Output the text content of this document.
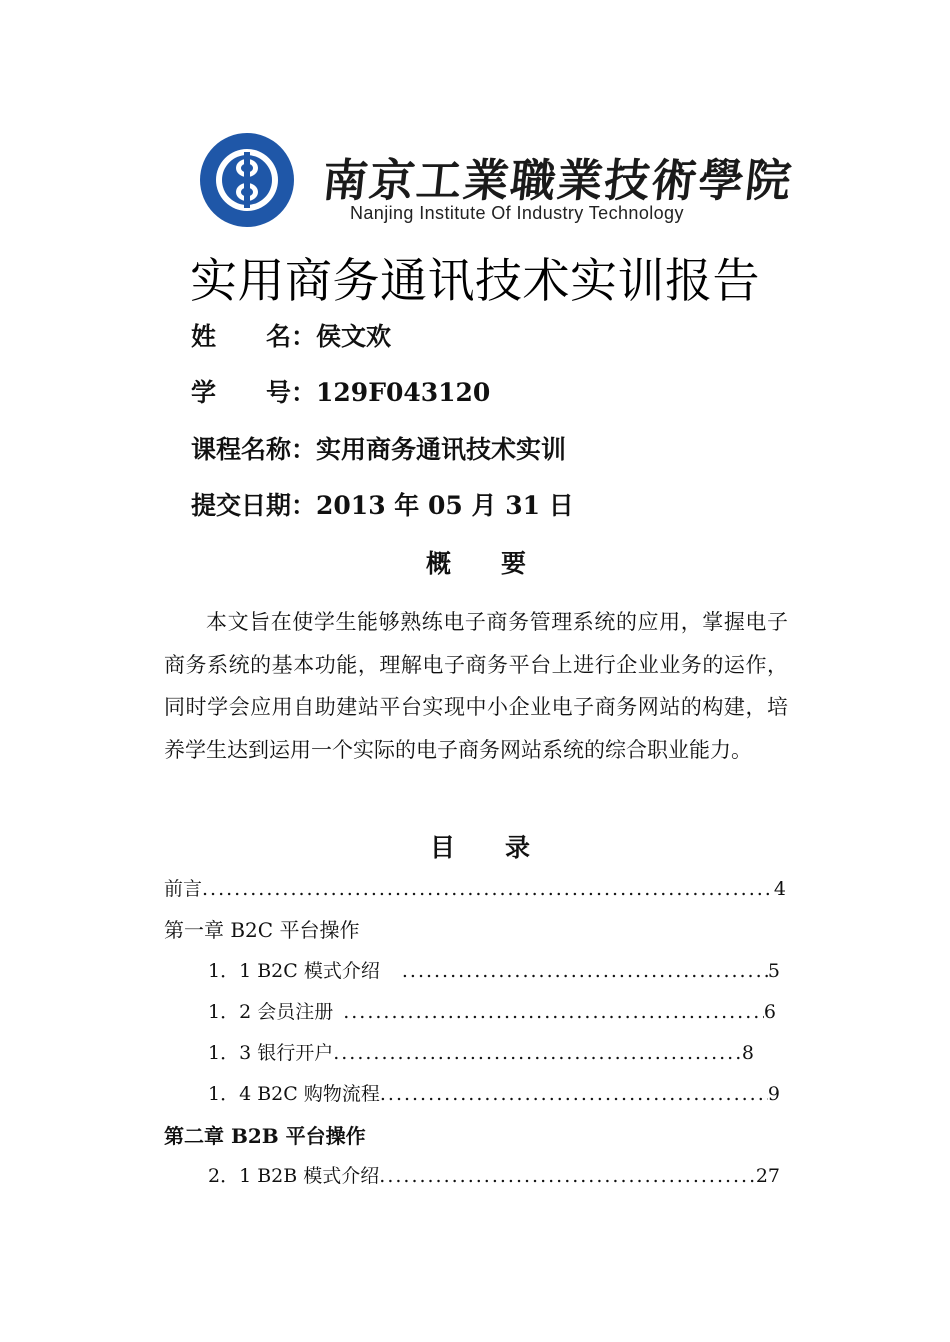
南京工業職業技術學院
Nanjing Institute Of Industry Technology
实用商务通讯技术实训报告
姓　　名：侯文欢
学　　号：129F043120
课程名称：实用商务通讯技术实训
提交日期：2013 年 05 月 31 日
概　　要
本文旨在使学生能够熟练电子商务管理系统的应用，掌握电子商务系统的基本功能，理解电子商务平台上进行企业业务的运作，同时学会应用自助建站平台实现中小企业电子商务网站的构建，培养学生达到运用一个实际的电子商务网站系统的综合职业能力。
目　　录
前言 .....	4
第一章 B2C 平台操作
1．1 B2C 模式介绍 .....	5
1．2 会员注册 .....	6
1．3 银行开户 .....	8
1．4 B2C 购物流程 .....	9
第二章 B2B 平台操作
2．1 B2B 模式介绍 .....	27
